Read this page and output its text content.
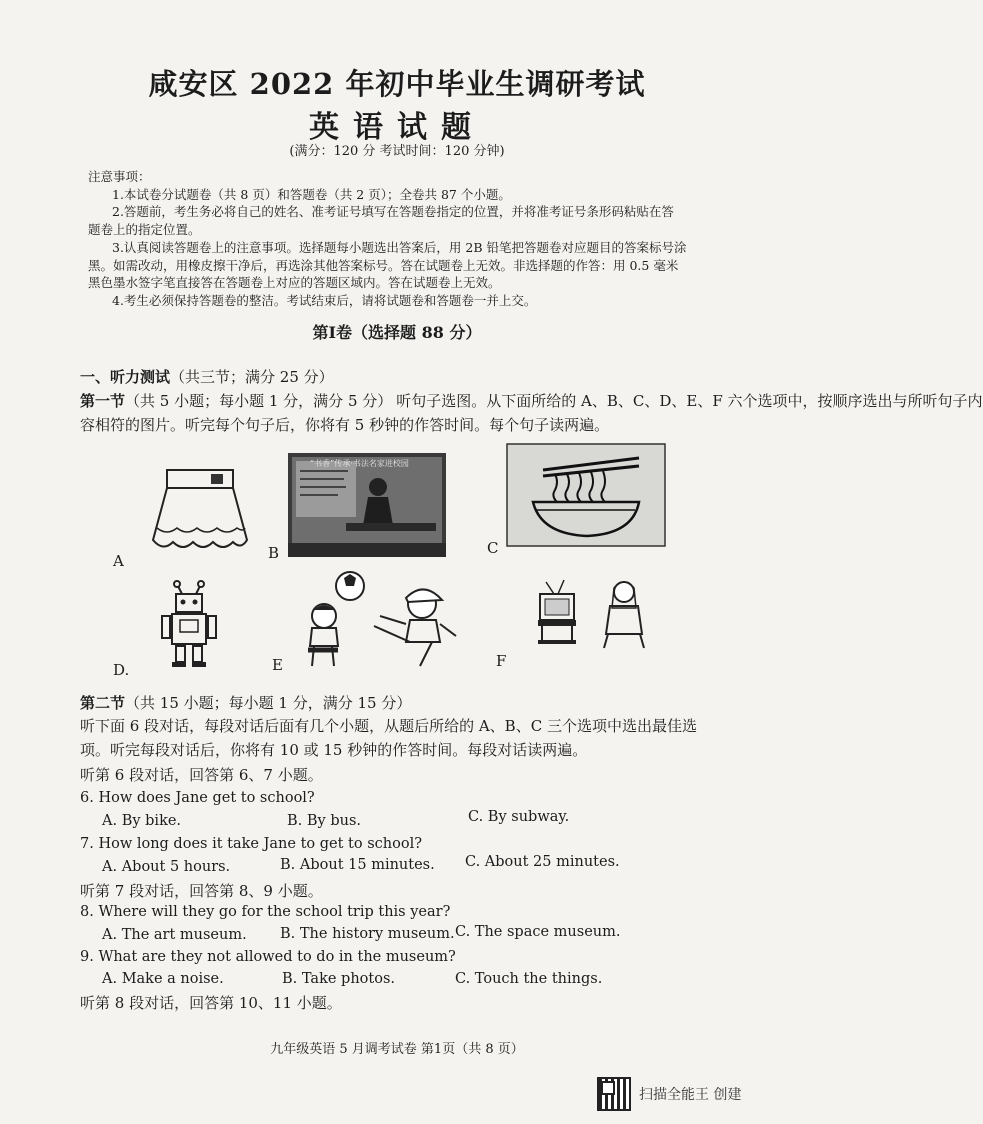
咸安区 2022 年初中毕业生调研考试
英语试题
(满分：120 分 考试时间：120 分钟)
注意事项：
1.本试卷分试题卷（共 8 页）和答题卷（共 2 页）；全卷共 87 个小题。
2.答题前，考生务必将自己的姓名、准考证号填写在答题卷指定的位置，并将准考证号条形码粘贴在答
题卷上的指定位置。
3.认真阅读答题卷上的注意事项。选择题每小题选出答案后，用 2B 铅笔把答题卷对应题目的答案标号涂
黑。如需改动，用橡皮擦干净后，再选涂其他答案标号。答在试题卷上无效。非选择题的作答：用 0.5 毫米
黑色墨水签字笔直接答在答题卷上对应的答题区域内。答在试题卷上无效。
4.考生必须保持答题卷的整洁。考试结束后，请将试题卷和答题卷一并上交。
第Ⅰ卷（选择题 88 分）
一、听力测试（共三节；满分 25 分）
第一节（共 5 小题；每小题 1 分，满分 5 分） 听句子选图。从下面所给的 A、B、C、D、E、F 六个选项中，按顺序选出与所听句子内
容相符的图片。听完每个句子后，你将有 5 秒钟的作答时间。每个句子读两遍。
A
“书香”传承·书法名家进校园
B	C
D.	E	F
第二节（共 15 小题；每小题 1 分，满分 15 分）
听下面 6 段对话，每段对话后面有几个小题，从题后所给的 A、B、C 三个选项中选出最佳选
项。听完每段对话后，你将有 10 或 15 秒钟的作答时间。每段对话读两遍。
听第 6 段对话，回答第 6、7 小题。
6. How does Jane get to school?
A. By bike.	B. By bus.	C. By subway.
7. How long does it take Jane to get to school?
A. About 5 hours.	B. About 15 minutes. C. About 25 minutes.
听第 7 段对话，回答第 8、9 小题。
8. Where will they go for the school trip this year?
A. The art museum. B. The history museum. C. The space museum.
9. What are they not allowed to do in the museum?
A. Make a noise.	B. Take photos.	C. Touch the things.
听第 8 段对话，回答第 10、11 小题。
九年级英语 5 月调考试卷 第1页（共 8 页）
扫描全能王 创建
